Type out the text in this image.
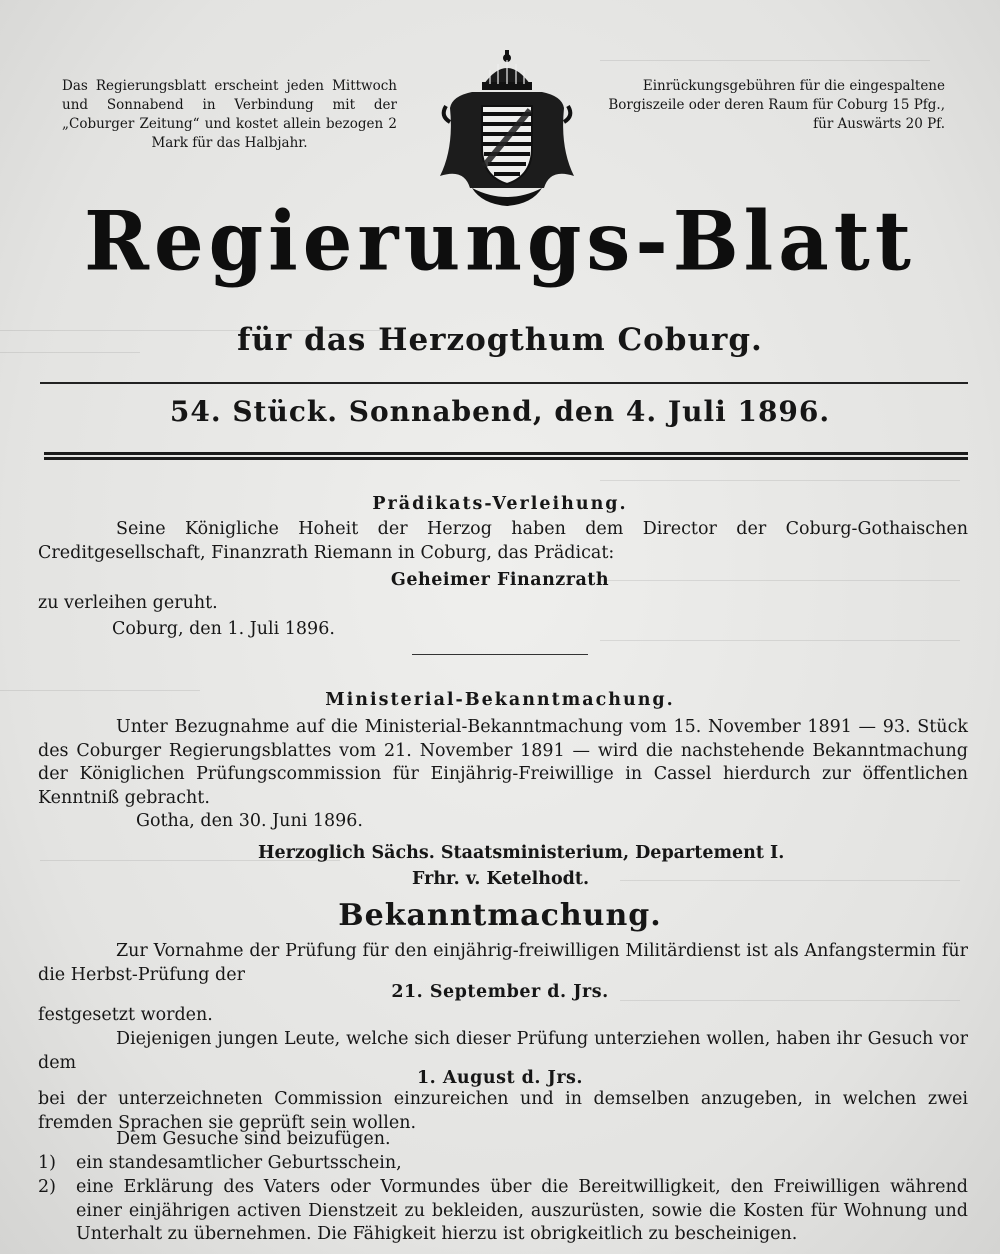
Das Regierungsblatt erscheint jeden Mittwoch und Sonnabend in Verbindung mit der „Coburger Zeitung“ und kostet allein bezogen 2 Mark für das Halbjahr.
Einrückungsgebühren für die eingespaltene Borgiszeile oder deren Raum für Coburg 15 Pfg., für Auswärts 20 Pf.
Regierungs-Blatt
für das Herzogthum Coburg.
54. Stück. Sonnabend, den 4. Juli 1896.
Prädikats-Verleihung.
Seine Königliche Hoheit der Herzog haben dem Director der Coburg-Gothaischen Creditgesellschaft, Finanzrath Riemann in Coburg, das Prädicat:
Geheimer Finanzrath
zu verleihen geruht.
Coburg, den 1. Juli 1896.
Ministerial-Bekanntmachung.
Unter Bezugnahme auf die Ministerial-Bekanntmachung vom 15. November 1891 — 93. Stück des Coburger Regierungsblattes vom 21. November 1891 — wird die nachstehende Bekanntmachung der Königlichen Prüfungscommission für Einjährig-Freiwillige in Cassel hierdurch zur öffentlichen Kenntniß gebracht.
Gotha, den 30. Juni 1896.
Herzoglich Sächs. Staatsministerium, Departement I.
Frhr. v. Ketelhodt.
Bekanntmachung.
Zur Vornahme der Prüfung für den einjährig-freiwilligen Militärdienst ist als Anfangstermin für die Herbst-Prüfung der
21. September d. Jrs.
festgesetzt worden.
Diejenigen jungen Leute, welche sich dieser Prüfung unterziehen wollen, haben ihr Gesuch vor dem
1. August d. Jrs.
bei der unterzeichneten Commission einzureichen und in demselben anzugeben, in welchen zwei fremden Sprachen sie geprüft sein wollen.
Dem Gesuche sind beizufügen.
1) ein standesamtlicher Geburtsschein,
2) eine Erklärung des Vaters oder Vormundes über die Bereitwilligkeit, den Freiwilligen während einer einjährigen activen Dienstzeit zu bekleiden, auszurüsten, sowie die Kosten für Wohnung und Unterhalt zu übernehmen. Die Fähigkeit hierzu ist obrigkeitlich zu bescheinigen.
